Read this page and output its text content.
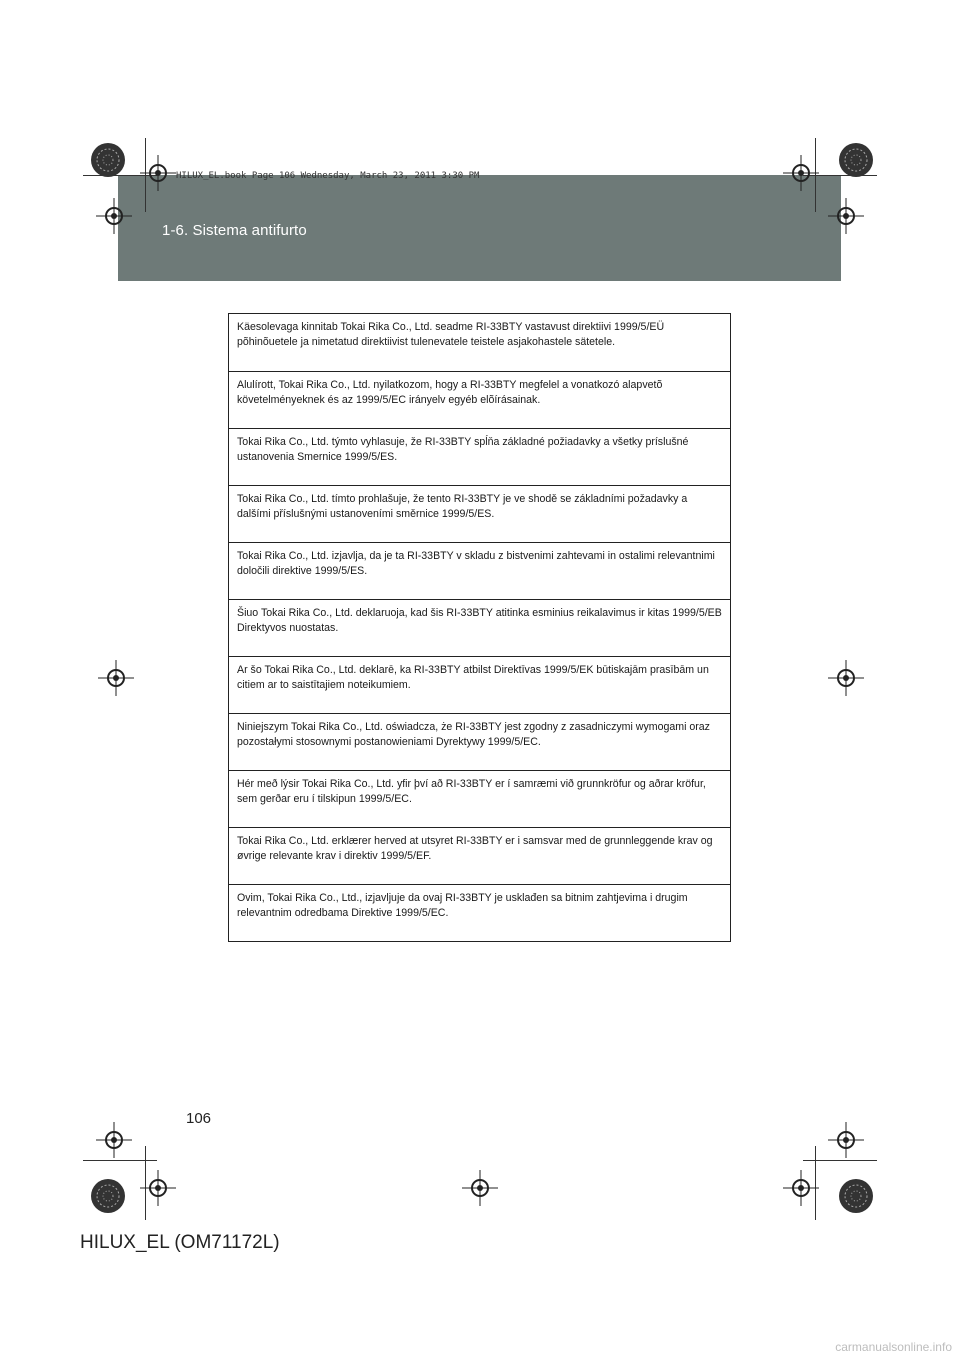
1-6. Sistema antifurto
HILUX_EL.book Page 106 Wednesday, March 23, 2011 3:30 PM
Käesolevaga kinnitab Tokai Rika Co., Ltd. seadme RI-33BTY vastavust direktiivi 1999/5/EÜ põhinõuetele ja nimetatud direktiivist tulenevatele teistele asjakohastele sätetele.
Alulírott, Tokai Rika Co., Ltd. nyilatkozom, hogy a RI-33BTY megfelel a vonatkozó alapvetõ követelményeknek és az 1999/5/EC irányelv egyéb elõírásainak.
Tokai Rika Co., Ltd. týmto vyhlasuje, že RI-33BTY spĺňa základné požiadavky a všetky príslušné ustanovenia Smernice 1999/5/ES.
Tokai Rika Co., Ltd. tímto prohlašuje, že tento RI-33BTY je ve shodě se základními požadavky a dalšími příslušnými ustanoveními směrnice 1999/5/ES.
Tokai Rika Co., Ltd. izjavlja, da je ta RI-33BTY v skladu z bistvenimi zahtevami in ostalimi relevantnimi določili direktive 1999/5/ES.
Šiuo Tokai Rika Co., Ltd. deklaruoja, kad šis RI-33BTY atitinka esminius reikalavimus ir kitas 1999/5/EB Direktyvos nuostatas.
Ar šo Tokai Rika Co., Ltd. deklarē, ka RI-33BTY atbilst Direktīvas 1999/5/EK būtiskajām prasībām un citiem ar to saistītajiem noteikumiem.
Niniejszym Tokai Rika Co., Ltd. oświadcza, że RI-33BTY jest zgodny z zasadniczymi wymogami oraz pozostałymi stosownymi postanowieniami Dyrektywy 1999/5/EC.
Hér með lýsir Tokai Rika Co., Ltd. yfir því að RI-33BTY er í samræmi við grunnkröfur og aðrar kröfur, sem gerðar eru í tilskipun 1999/5/EC.
Tokai Rika Co., Ltd. erklærer herved at utsyret RI-33BTY er i samsvar med de grunnleggende krav og øvrige relevante krav i direktiv 1999/5/EF.
Ovim, Tokai Rika Co., Ltd., izjavljuje da ovaj RI-33BTY je usklađen sa bitnim zahtjevima i drugim relevantnim odredbama Direktive 1999/5/EC.
106
HILUX_EL (OM71172L)
carmanualsonline.info
